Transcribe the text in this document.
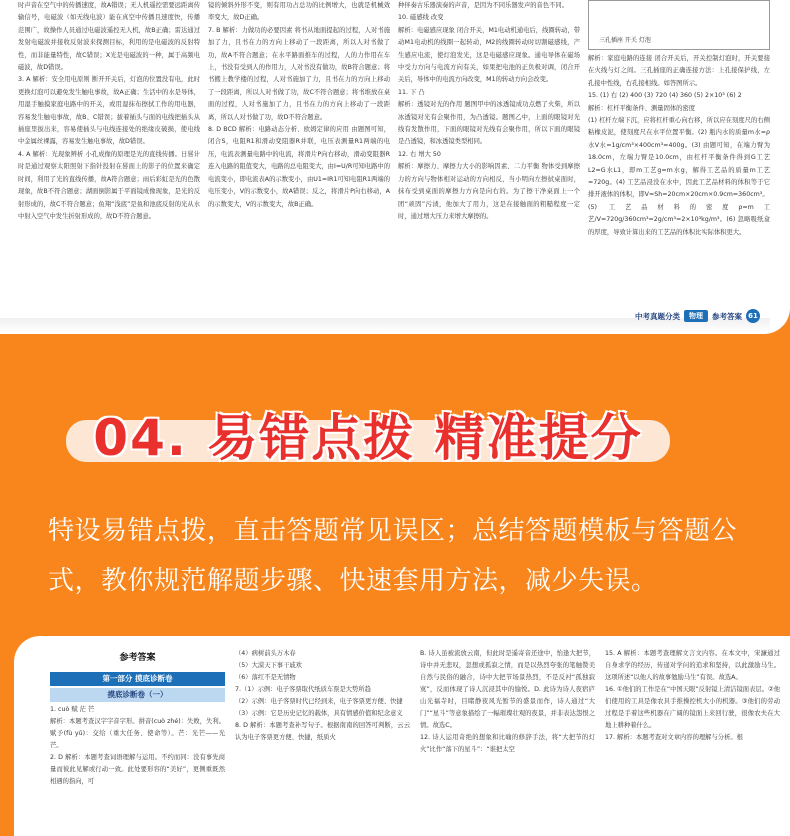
时声音在空气中的传播速度，故A错误；无人机遥控需要远距离传输信号，电磁波（如无线电波）能在真空中传播且速度快，传播范围广，故操作人员通过电磁波遥控无人机，故B正确；雷达通过发射电磁波并接收反射波来探测目标，利用的是电磁波的反射特性，而非能量特性，故C错误；X光是电磁波的一种，属于高频电磁波，故D错误。

3. A 解析：安全用电原则 断开开关后，灯泡的位置没有电，此时更换灯泡可以避免发生触电事故，故A正确；生活中的水是导体，用湿手触摸家庭电路中的开关，或用湿抹布擦拭工作的用电器，容易发生触电事故，故B、C错误；拔着插头与面的电线把插头从插座里拔出来，容易使插头与电线连接处的绝缘皮破损，使电线中金属丝裸露，容易发生触电事故，故D错误。

4. A 解析：光现象辨析 小孔成像的原理是光的直线传播。日晷计时是通过观察太阳照射下指针投射在晷面上的影子的位置来确定时间，利用了光的直线传播，故A符合题意；雨后彩虹是光的色散现象，故B不符合题意；湖面倒影属于平面镜成像现象，是光的反射形成的，故C不符合题意；鱼翔“浅底”是鱼和池底反射的光从水中射入空气中发生折射形成的，故D不符合题意。

镜的倾斜外形不变，则有用功占总功的比例增大，也就是机械效率变大，故D正确。

7. B 解析：力做功的必要因素 将书从地面提起的过程，人对书施加了力，且书在力的方向上移动了一段距离，所以人对书做了功，故A不符合题意；在水平路面推车的过程，人的力作用在车上，书没有受到人的作用力，人对书没有做功，故B符合题意；将书搬上教学楼的过程，人对书施加了力，且书在力的方向上移动了一段距离，所以人对书做了功，故C不符合题意；将书堆放在桌面的过程，人对书施加了力，且书在力的方向上移动了一段距离，所以人对书做了功，故D不符合题意。

8. D BCD 解析：电路动态分析、欧姆定律的应用 由题图可知，闭合S，电阻R1和滑动变阻器R并联，电压表测量R1两端的电压，电流表测量电路中的电流，将滑片P向右移动，滑动变阻器R连入电路的阻值变大，电路的总电阻变大，由I=U/R可知电路中的电流变小，即电流表A的示数变小，由U1=IR1可知电阻R1两端的电压变小，V的示数变小，故A错误；反之，将滑片P向右移动，A的示数变大，V的示数变大，故B正确。

种伴奏古乐器演奏的声音，是因为不同乐器发声的音色不同。

10. 磁感线 改变

解析：电磁感应现象 闭合开关，M1电动机通电后，线圈转动，带动M1电动机的线圈一起转动，M2的线圈转动时切割磁感线，产生感应电流，使灯泡发光，这是电磁感应现象。通电导体在磁场中受力方向与电流方向有关，如果把电池的正负极对调，闭合开关后，导体中的电流方向改变，M1的转动方向会改变。

11. 下 凸

解析：透镜对光的作用 题图甲中的冰透镜成功点燃了火柴，所以冰透镜对光有会聚作用，为凸透镜。题图乙中，上面的眼镜对光线有发散作用，下面的眼镜对光线有会聚作用，所以下面的眼镜是凸透镜，和冰透镜类型相同。

12. 右 增大 50

解析：摩擦力、摩擦力大小的影响因素、二力平衡 物体受到摩擦力的方向与物体相对运动的方向相反，当小明向左擦拭桌面时，抹布受到桌面的摩擦力方向是向右的。为了擦干净桌面上一个团“顽固”污渍，他加大了用力，这是在接触面的粗糙程度一定时，通过增大压力来增大摩擦的。

三孔插座 开关 灯泡

解析：家庭电路的连接 闭合开关后，开关控制灯泡时，开关要接在火线与灯之间。三孔插座的正确连接方法：上孔接保护线，左孔接中性线，右孔接相线。如答图所示。

15. (1) 右 (2) 400 (3) 720 (4) 360 (5) 2×10³ (6) 2

解析：杠杆平衡条件、测量固体的密度

(1) 杠杆左端下沉，应将杠杆重心向右移，所以应在刻度尺的右侧粘橡皮泥，使刻度尺在水平位置平衡。(2) 瓶内水的质量m水=ρ水V水=1g/cm³×400cm³=400g。(3) 由题可知，在端力臂为18.0cm，左端力臂是10.0cm，由杠杆平衡条件得到G工艺L2=G水L1，即m工艺g=m水g，解得工艺品的质量m工艺=720g。(4) 工艺品浸没在水中，因此工艺品材料的体积等于它排开液体的体积，即V=Sh=20cm×20cm×0.9cm=360cm³。

(5) 工艺品材料的密度ρ=m工艺/V=720g/360cm³=2g/cm³=2×10³kg/m³。(6) 忽略吸纸盒的厚度，导致计算出来的工艺品的体积比实际体积更大。

中考真题分类	物理	参考答案 61
04. 易错点拨 精准提分
特设易错点拨，直击答题常见误区；总结答题模板与答题公式，教你规范解题步骤、快速套用方法，减少失误。
参考答案
第一部分 摸底诊断卷
摸底诊断卷（一）

1. cuò 赋 茫 芒

解析：本题考查汉字字音字形。拼音(cuò zhé)：失败，失利。赋予(fù yǔ)：交给（重大任务、使命等）。芒：光芒——光芒。

2. D 解析：本题考查词语理解与运用。不约而同：没有事先商量而彼此见解或行动一致。此处要形容的“美好”，更侧重既然相遇的指向，可

（4）病树前头万木春

（5）大漠天下事干戚欢

（6）落红不是无情物

7.（1）示例：电子客票取代纸质车票是大势所趋

（2）示例：电子客票时代已经到来，电子客票更方便、快捷

（3）示例：它是历史记忆的载体，具有情感价值和纪念意义

8. D 解析：本题考查补写句子。根据南南的回答可判断，云云认为电子客票更方便、快捷，纸质火

B. 诗人虽被流放云南，但此时是遥寄音还途中，怡逢大把节，诗中并无悲叹，忽想或孤寂之情，而是以热烈夸张的笔触赞美自然与民俗的融合，诗中大把节场景热烈，不是反衬“孤独寂寞”，反而体现了诗人沉浸其中的愉悦。D. 此诗为诗人夜宿庐山光福寺时，目睹静夜风光暂节的盛景而作，诗人通过“大门”“星斗”等意象描绘了一幅璀璨壮观的夜景，并非表达怨恨之情。故选C。

12. 诗人运用奇绝的想象和比喻的修辞手法，将“大把节的灯火”比作“落下的星斗”：“谁把太空

15. A 解析：本题考查理解文言文内容。在本文中，宋濂通过自身求学的经历，传递对学问的追求和坚持，以此激励马生。这项所述“以他人的故事勉励马生”有误。故选A。

16. ①他们的工作是在“中国天眼”反射镜上清洁镜面表层。②他们使用的工具是像农具手推操控机大小的机器。③他们的劳动过程是手着这些机器在广阔的镜面上来回行驶，很像农夫在大地上耕种着什么。

17. 解析：本题考查对文章内容的理解与分析。根
